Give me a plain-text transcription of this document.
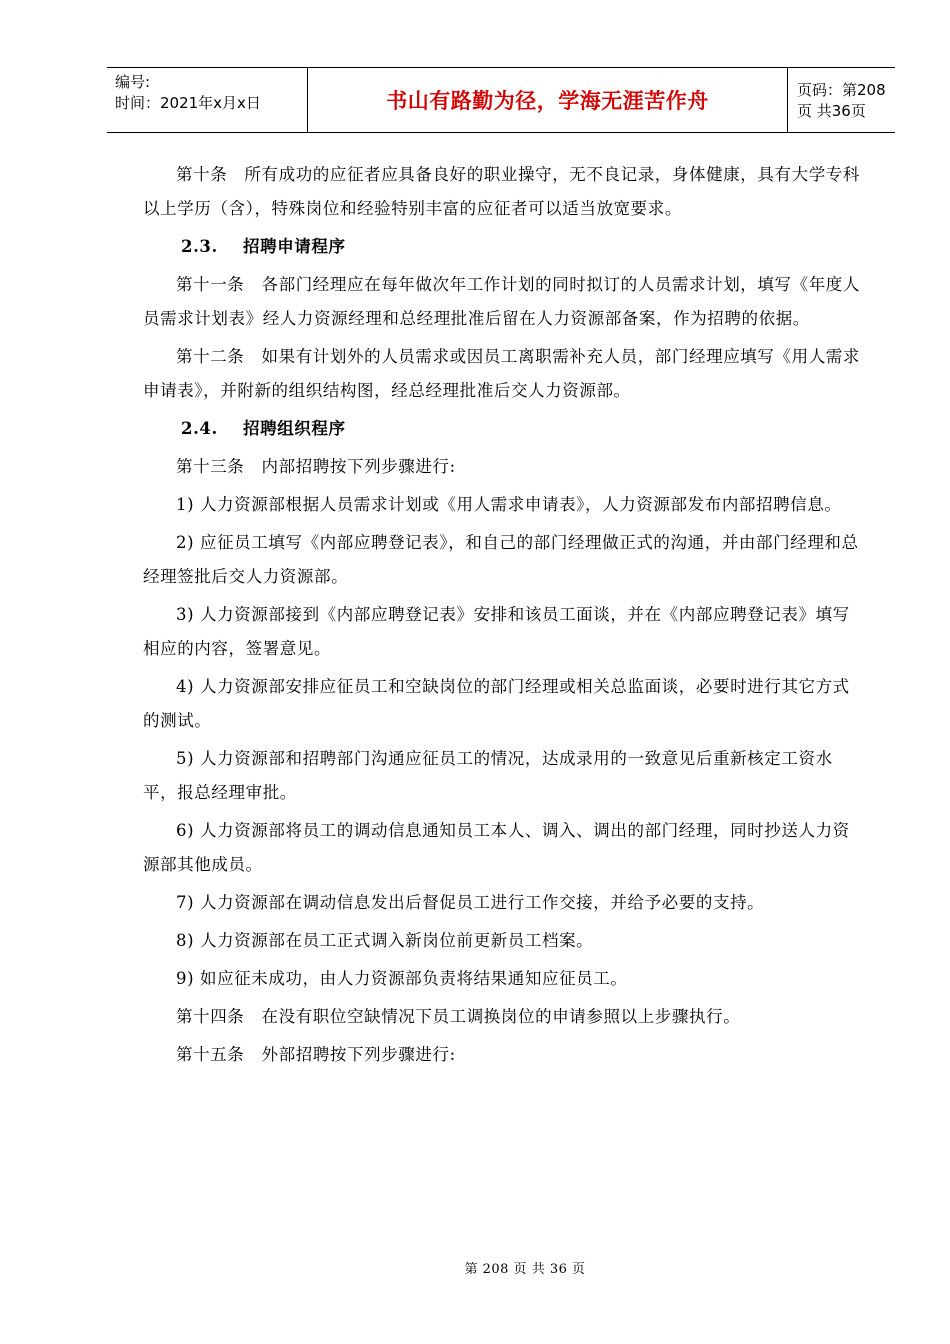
编号:
时间：2021年x月x日	书山有路勤为径，学海无涯苦作舟	页码：第208页 共36页

第十条　所有成功的应征者应具备良好的职业操守，无不良记录，身体健康，具有大学专科以上学历（含），特殊岗位和经验特别丰富的应征者可以适当放宽要求。

2.3. 招聘申请程序

第十一条　各部门经理应在每年做次年工作计划的同时拟订的人员需求计划，填写《年度人员需求计划表》经人力资源经理和总经理批准后留在人力资源部备案，作为招聘的依据。

第十二条　如果有计划外的人员需求或因员工离职需补充人员，部门经理应填写《用人需求申请表》，并附新的组织结构图，经总经理批准后交人力资源部。

2.4. 招聘组织程序

第十三条　内部招聘按下列步骤进行:

1) 人力资源部根据人员需求计划或《用人需求申请表》，人力资源部发布内部招聘信息。

2) 应征员工填写《内部应聘登记表》，和自己的部门经理做正式的沟通，并由部门经理和总经理签批后交人力资源部。

3) 人力资源部接到《内部应聘登记表》安排和该员工面谈，并在《内部应聘登记表》填写相应的内容，签署意见。

4) 人力资源部安排应征员工和空缺岗位的部门经理或相关总监面谈，必要时进行其它方式的测试。

5) 人力资源部和招聘部门沟通应征员工的情况，达成录用的一致意见后重新核定工资水平，报总经理审批。

6) 人力资源部将员工的调动信息通知员工本人、调入、调出的部门经理，同时抄送人力资源部其他成员。

7) 人力资源部在调动信息发出后督促员工进行工作交接，并给予必要的支持。

8) 人力资源部在员工正式调入新岗位前更新员工档案。

9) 如应征未成功，由人力资源部负责将结果通知应征员工。

第十四条　在没有职位空缺情况下员工调换岗位的申请参照以上步骤执行。

第十五条　外部招聘按下列步骤进行:

第 208 页 共 36 页
